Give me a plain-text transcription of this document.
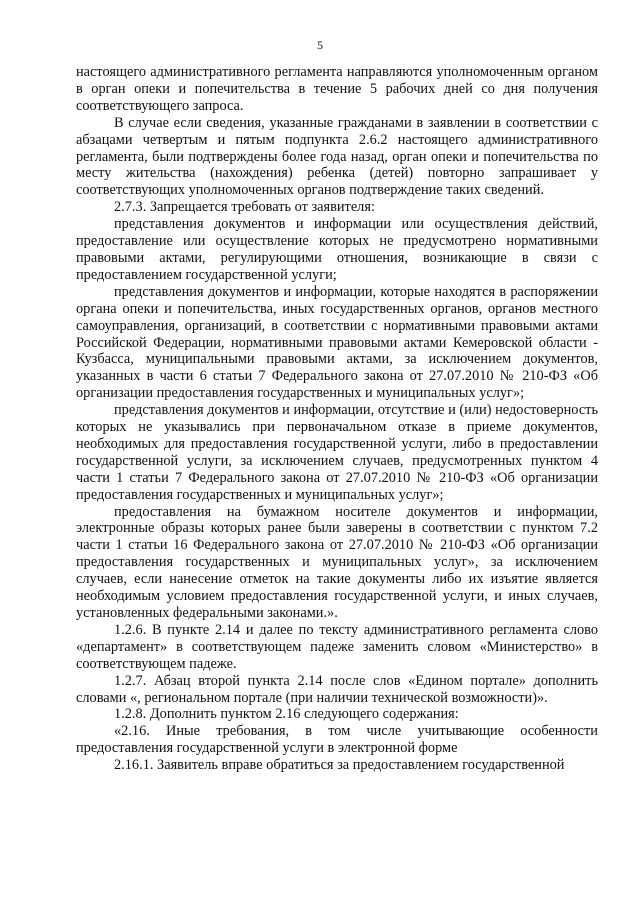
5

настоящего административного регламента направляются уполномоченным органом в орган опеки и попечительства в течение 5 рабочих дней со дня получения соответствующего запроса.

В случае если сведения, указанные гражданами в заявлении в соответствии с абзацами четвертым и пятым подпункта 2.6.2 настоящего административного регламента, были подтверждены более года назад, орган опеки и попечительства по месту жительства (нахождения) ребенка (детей) повторно запрашивает у соответствующих уполномоченных органов подтверждение таких сведений.

2.7.3. Запрещается требовать от заявителя:

представления документов и информации или осуществления действий, предоставление или осуществление которых не предусмотрено нормативными правовыми актами, регулирующими отношения, возникающие в связи с предоставлением государственной услуги;

представления документов и информации, которые находятся в распоряжении органа опеки и попечительства, иных государственных органов, органов местного самоуправления, организаций, в соответствии с нормативными правовыми актами Российской Федерации, нормативными правовыми актами Кемеровской области - Кузбасса, муниципальными правовыми актами, за исключением документов, указанных в части 6 статьи 7 Федерального закона от 27.07.2010 № 210-ФЗ «Об организации предоставления государственных и муниципальных услуг»;

представления документов и информации, отсутствие и (или) недостоверность которых не указывались при первоначальном отказе в приеме документов, необходимых для предоставления государственной услуги, либо в предоставлении государственной услуги, за исключением случаев, предусмотренных пунктом 4 части 1 статьи 7 Федерального закона от 27.07.2010 № 210-ФЗ «Об организации предоставления государственных и муниципальных услуг»;

предоставления на бумажном носителе документов и информации, электронные образы которых ранее были заверены в соответствии с пунктом 7.2 части 1 статьи 16 Федерального закона от 27.07.2010 № 210-ФЗ «Об организации предоставления государственных и муниципальных услуг», за исключением случаев, если нанесение отметок на такие документы либо их изъятие является необходимым условием предоставления государственной услуги, и иных случаев, установленных федеральными законами.».

1.2.6. В пункте 2.14 и далее по тексту административного регламента слово «департамент» в соответствующем падеже заменить словом «Министерство» в соответствующем падеже.

1.2.7. Абзац второй пункта 2.14 после слов «Едином портале» дополнить словами «, региональном портале (при наличии технической возможности)».

1.2.8. Дополнить пунктом 2.16 следующего содержания:

«2.16. Иные требования, в том числе учитывающие особенности предоставления государственной услуги в электронной форме

2.16.1. Заявитель вправе обратиться за предоставлением государственной
